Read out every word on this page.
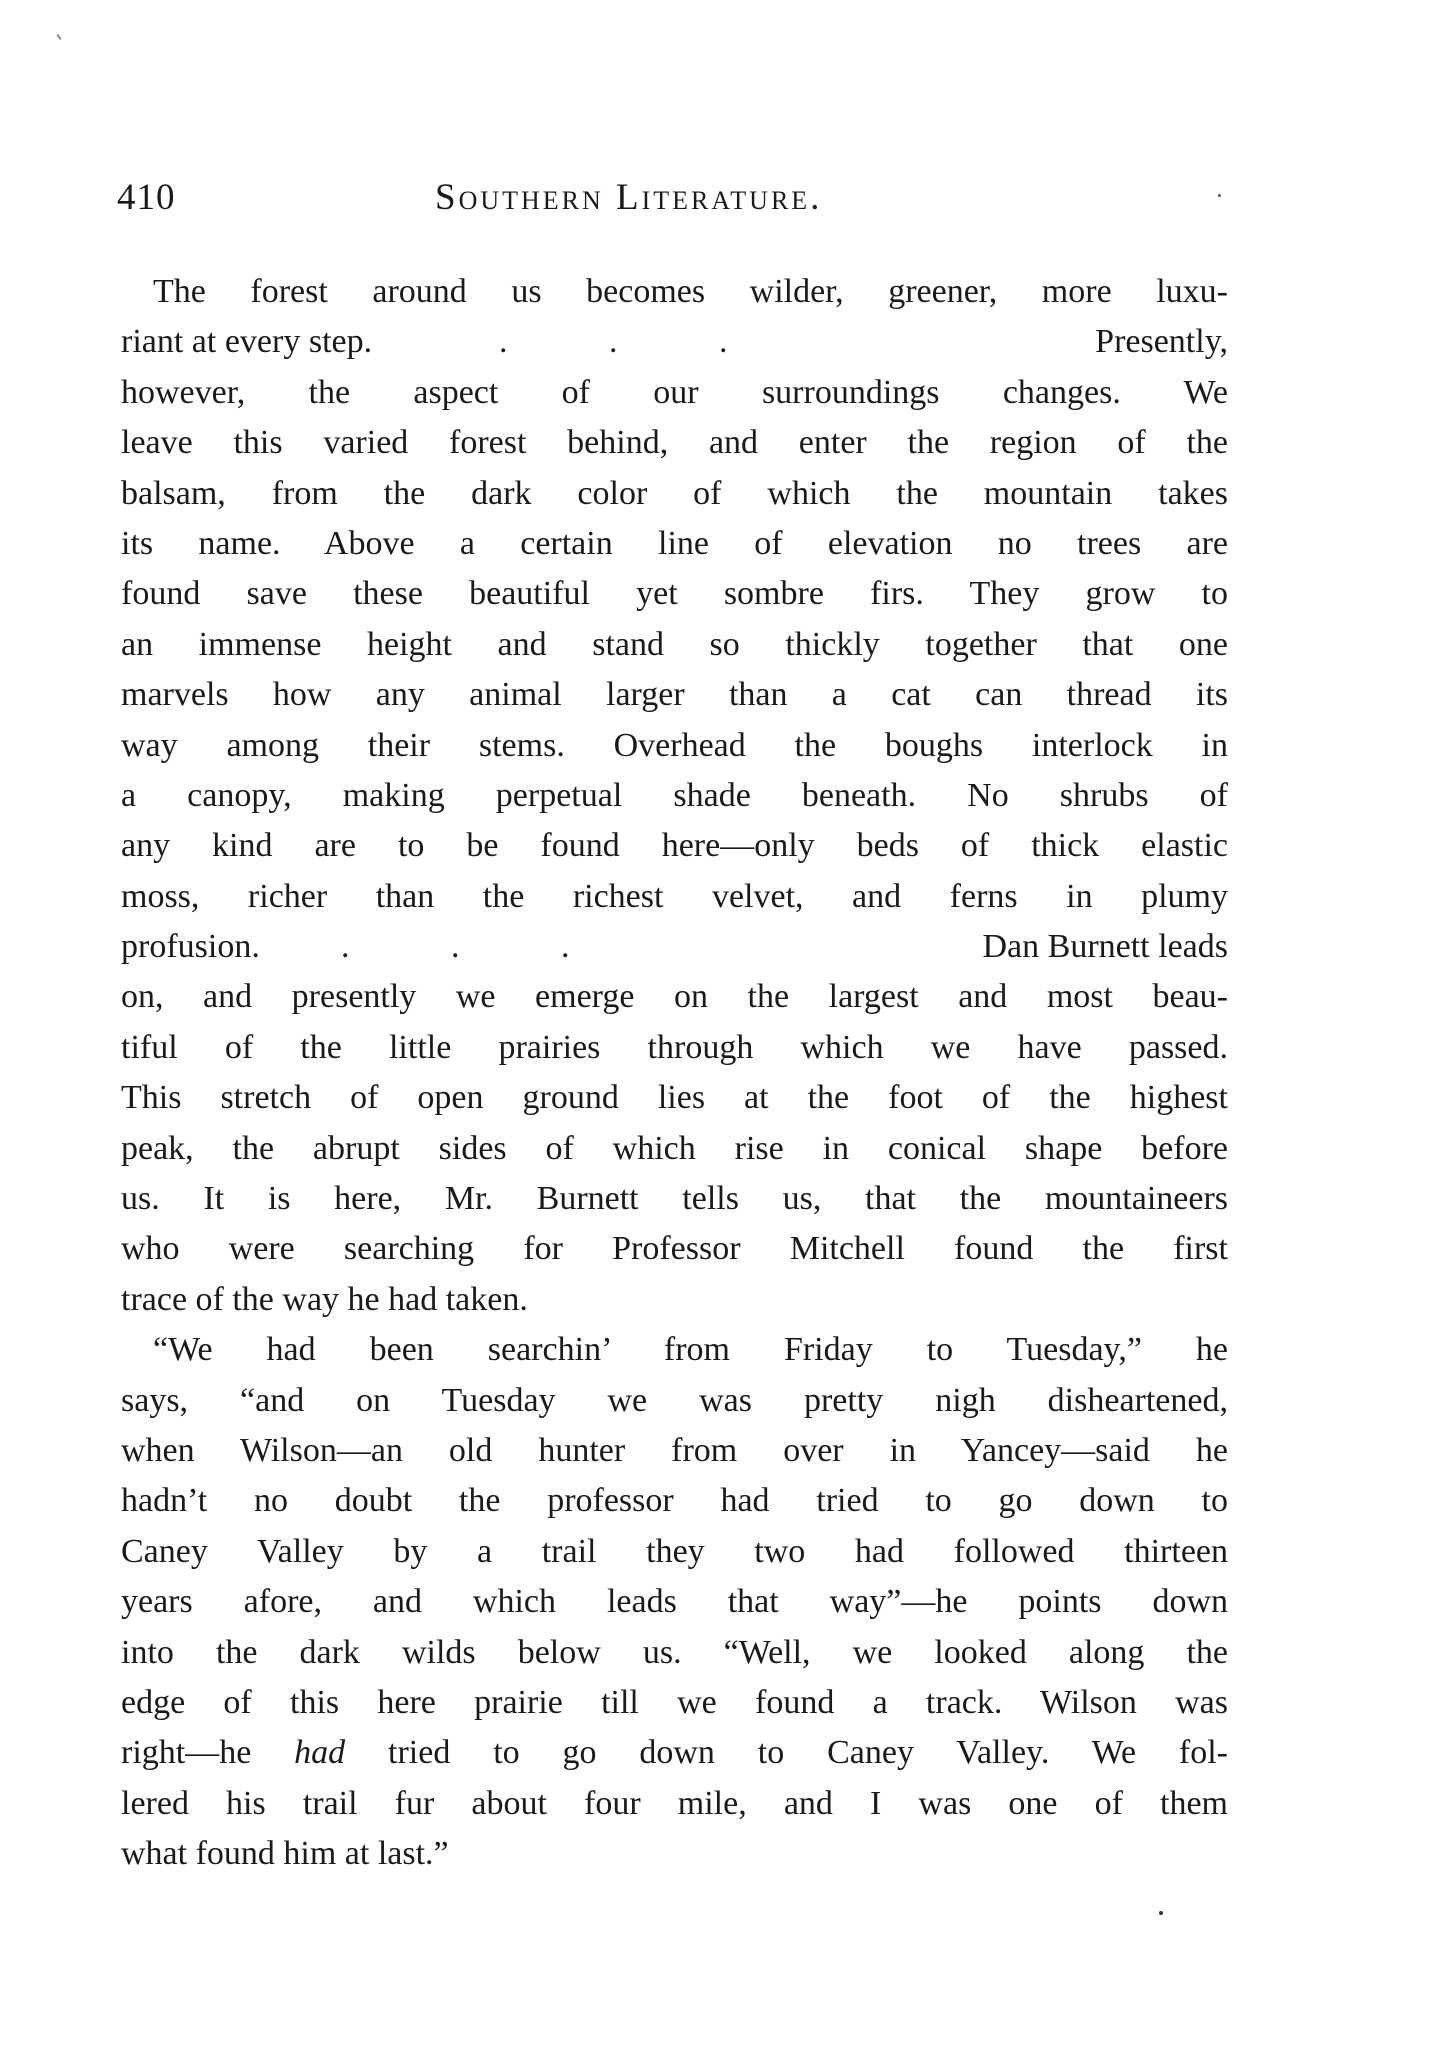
410	Southern Literature.
The forest around us becomes wilder, greener, more luxu-
riant at every step.	.	.	.	Presently,
however, the aspect of our surroundings changes. We
leave this varied forest behind, and enter the region of the
balsam, from the dark color of which the mountain takes
its name. Above a certain line of elevation no trees are
found save these beautiful yet sombre firs. They grow to
an immense height and stand so thickly together that one
marvels how any animal larger than a cat can thread its
way among their stems. Overhead the boughs interlock in
a canopy, making perpetual shade beneath. No shrubs of
any kind are to be found here—only beds of thick elastic
moss, richer than the richest velvet, and ferns in plumy
profusion. .	.	.	Dan Burnett leads
on, and presently we emerge on the largest and most beau-
tiful of the little prairies through which we have passed.
This stretch of open ground lies at the foot of the highest
peak, the abrupt sides of which rise in conical shape before
us. It is here, Mr. Burnett tells us, that the mountaineers
who were searching for Professor Mitchell found the first
trace of the way he had taken.
“We had been searchin’ from Friday to Tuesday,” he
says, “and on Tuesday we was pretty nigh disheartened,
when Wilson—an old hunter from over in Yancey—said he
hadn’t no doubt the professor had tried to go down to
Caney Valley by a trail they two had followed thirteen
years afore, and which leads that way”—he points down
into the dark wilds below us. “Well, we looked along the
edge of this here prairie till we found a track. Wilson was
right—he had tried to go down to Caney Valley. We fol-
lered his trail fur about four mile, and I was one of them
what found him at last.”
